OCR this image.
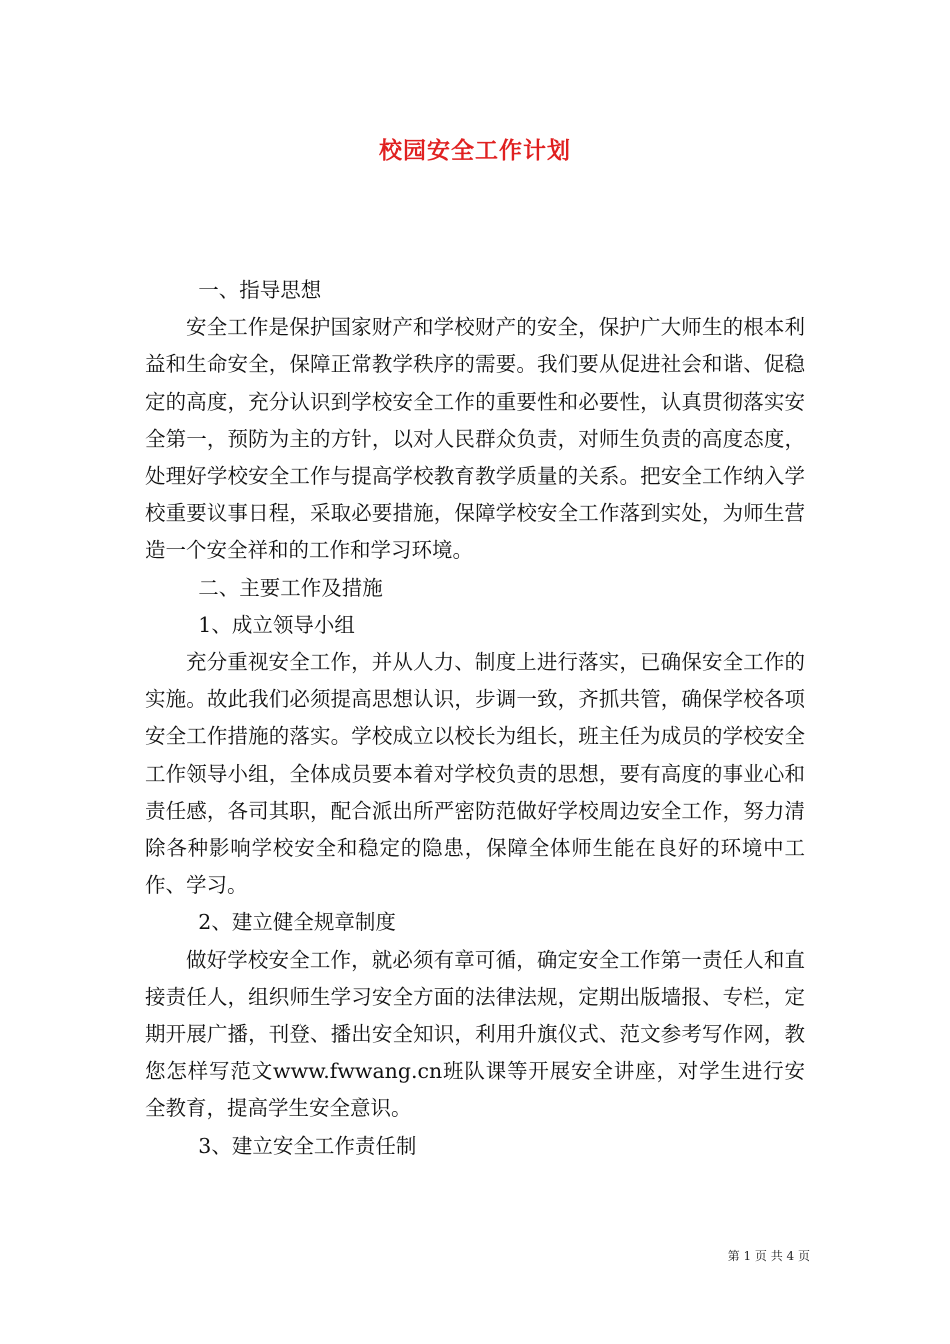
校园安全工作计划

一、指导思想

安全工作是保护国家财产和学校财产的安全，保护广大师生的根本利益和生命安全，保障正常教学秩序的需要。我们要从促进社会和谐、促稳定的高度，充分认识到学校安全工作的重要性和必要性，认真贯彻落实安全第一，预防为主的方针，以对人民群众负责，对师生负责的高度态度，处理好学校安全工作与提高学校教育教学质量的关系。把安全工作纳入学校重要议事日程，采取必要措施，保障学校安全工作落到实处，为师生营造一个安全祥和的工作和学习环境。

二、主要工作及措施

1、成立领导小组

充分重视安全工作，并从人力、制度上进行落实，已确保安全工作的实施。故此我们必须提高思想认识，步调一致，齐抓共管，确保学校各项安全工作措施的落实。学校成立以校长为组长，班主任为成员的学校安全工作领导小组，全体成员要本着对学校负责的思想，要有高度的事业心和责任感，各司其职，配合派出所严密防范做好学校周边安全工作，努力清除各种影响学校安全和稳定的隐患，保障全体师生能在良好的环境中工作、学习。

2、建立健全规章制度

做好学校安全工作，就必须有章可循，确定安全工作第一责任人和直接责任人，组织师生学习安全方面的法律法规，定期出版墙报、专栏，定期开展广播，刊登、播出安全知识，利用升旗仪式、范文参考写作网，教您怎样写范文www.fwwang.cn班队课等开展安全讲座，对学生进行安全教育，提高学生安全意识。

3、建立安全工作责任制

第 1 页 共 4 页
